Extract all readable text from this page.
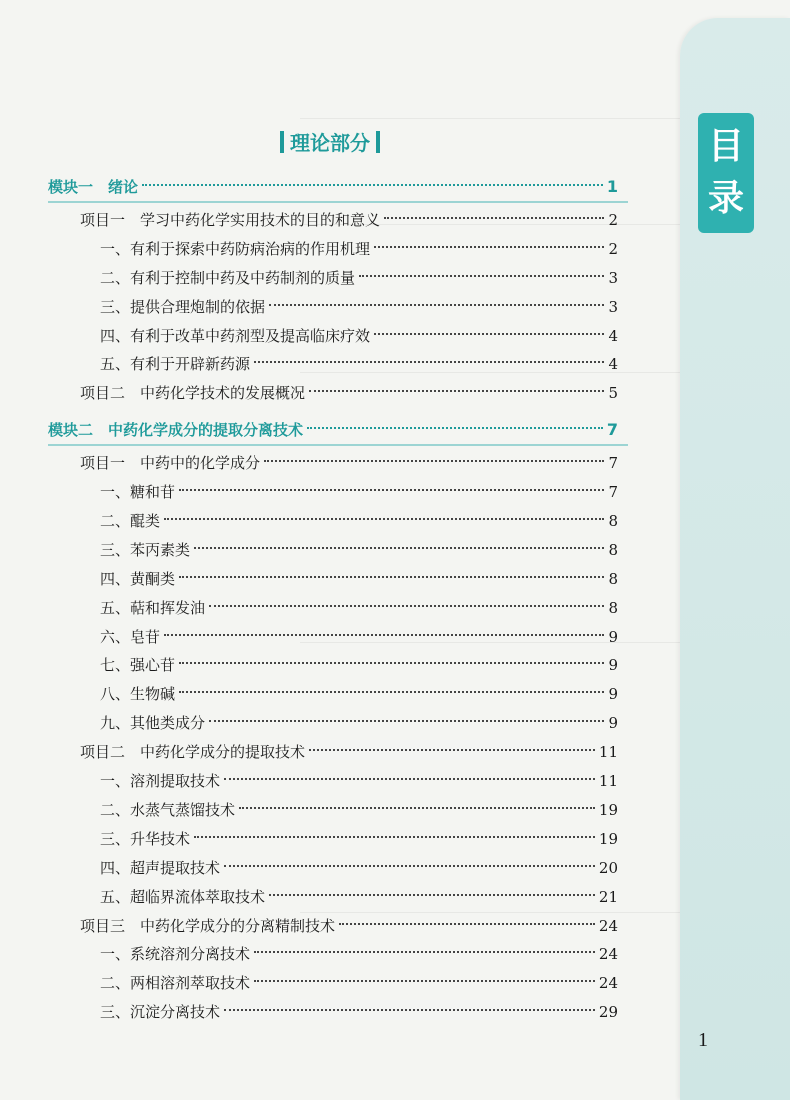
目
录
理论部分
模块一　绪论	1
项目一　学习中药化学实用技术的目的和意义	2
一、有利于探索中药防病治病的作用机理	2
二、有利于控制中药及中药制剂的质量	3
三、提供合理炮制的依据	3
四、有利于改革中药剂型及提高临床疗效	4
五、有利于开辟新药源	4
项目二　中药化学技术的发展概况	5
模块二　中药化学成分的提取分离技术	7
项目一　中药中的化学成分	7
一、糖和苷	7
二、醌类	8
三、苯丙素类	8
四、黄酮类	8
五、萜和挥发油	8
六、皂苷	9
七、强心苷	9
八、生物碱	9
九、其他类成分	9
项目二　中药化学成分的提取技术	11
一、溶剂提取技术	11
二、水蒸气蒸馏技术	19
三、升华技术	19
四、超声提取技术	20
五、超临界流体萃取技术	21
项目三　中药化学成分的分离精制技术	24
一、系统溶剂分离技术	24
二、两相溶剂萃取技术	24
三、沉淀分离技术	29
1
